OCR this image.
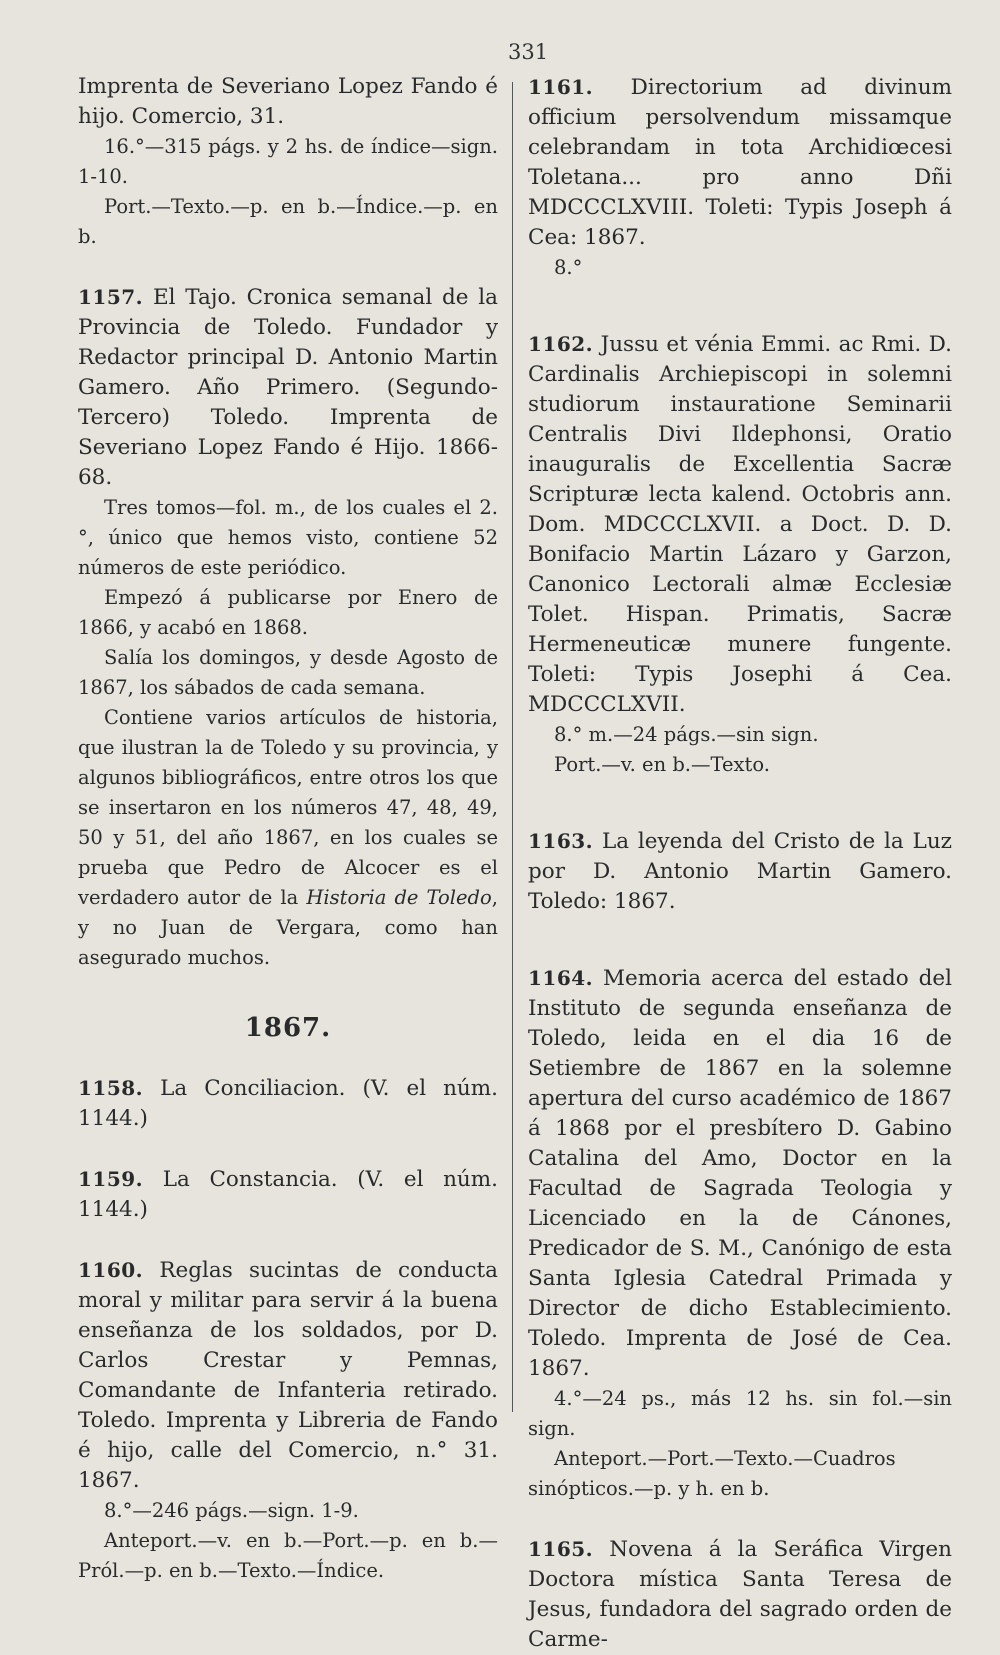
331

Imprenta de Severiano Lopez Fando é hijo. Comercio, 31.

16.°—315 págs. y 2 hs. de índice—sign. 1-10.

Port.—Texto.—p. en b.—Índice.—p. en b.

1157. El Tajo. Cronica semanal de la Provincia de Toledo. Fundador y Redactor principal D. Antonio Martin Gamero. Año Primero. (Segundo-Tercero) Toledo. Imprenta de Severiano Lopez Fando é Hijo. 1866-68.

Tres tomos—fol. m., de los cuales el 2.°, único que hemos visto, contiene 52 números de este periódico.

Empezó á publicarse por Enero de 1866, y acabó en 1868.

Salía los domingos, y desde Agosto de 1867, los sábados de cada semana.

Contiene varios artículos de historia, que ilustran la de Toledo y su provincia, y algunos bibliográficos, entre otros los que se insertaron en los números 47, 48, 49, 50 y 51, del año 1867, en los cuales se prueba que Pedro de Alcocer es el verdadero autor de la Historia de Toledo, y no Juan de Vergara, como han asegurado muchos.

1867.

1158. La Conciliacion. (V. el núm. 1144.)

1159. La Constancia. (V. el núm. 1144.)

1160. Reglas sucintas de conducta moral y militar para servir á la buena enseñanza de los soldados, por D. Carlos Crestar y Pemnas, Comandante de Infanteria retirado. Toledo. Imprenta y Libreria de Fando é hijo, calle del Comercio, n.° 31. 1867.

8.°—246 págs.—sign. 1-9.

Anteport.—v. en b.—Port.—p. en b.—Pról.—p. en b.—Texto.—Índice.

1161. Directorium ad divinum officium persolvendum missamque celebrandam in tota Archidiœcesi Toletana... pro anno Dñi MDCCCLXVIII. Toleti: Typis Joseph á Cea: 1867.

8.°

1162. Jussu et vénia Emmi. ac Rmi. D. Cardinalis Archiepiscopi in solemni studiorum instauratione Seminarii Centralis Divi Ildephonsi, Oratio inauguralis de Excellentia Sacræ Scripturæ lecta kalend. Octobris ann. Dom. MDCCCLXVII. a Doct. D. D. Bonifacio Martin Lázaro y Garzon, Canonico Lectorali almæ Ecclesiæ Tolet. Hispan. Primatis, Sacræ Hermeneuticæ munere fungente. Toleti: Typis Josephi á Cea. MDCCCLXVII.

8.° m.—24 págs.—sin sign.

Port.—v. en b.—Texto.

1163. La leyenda del Cristo de la Luz por D. Antonio Martin Gamero. Toledo: 1867.

1164. Memoria acerca del estado del Instituto de segunda enseñanza de Toledo, leida en el dia 16 de Setiembre de 1867 en la solemne apertura del curso académico de 1867 á 1868 por el presbítero D. Gabino Catalina del Amo, Doctor en la Facultad de Sagrada Teologia y Licenciado en la de Cánones, Predicador de S. M., Canónigo de esta Santa Iglesia Catedral Primada y Director de dicho Establecimiento. Toledo. Imprenta de José de Cea. 1867.

4.°—24 ps., más 12 hs. sin fol.—sin sign.

Anteport.—Port.—Texto.—Cuadros sinópticos.—p. y h. en b.

1165. Novena á la Seráfica Virgen Doctora mística Santa Teresa de Jesus, fundadora del sagrado orden de Carme-
